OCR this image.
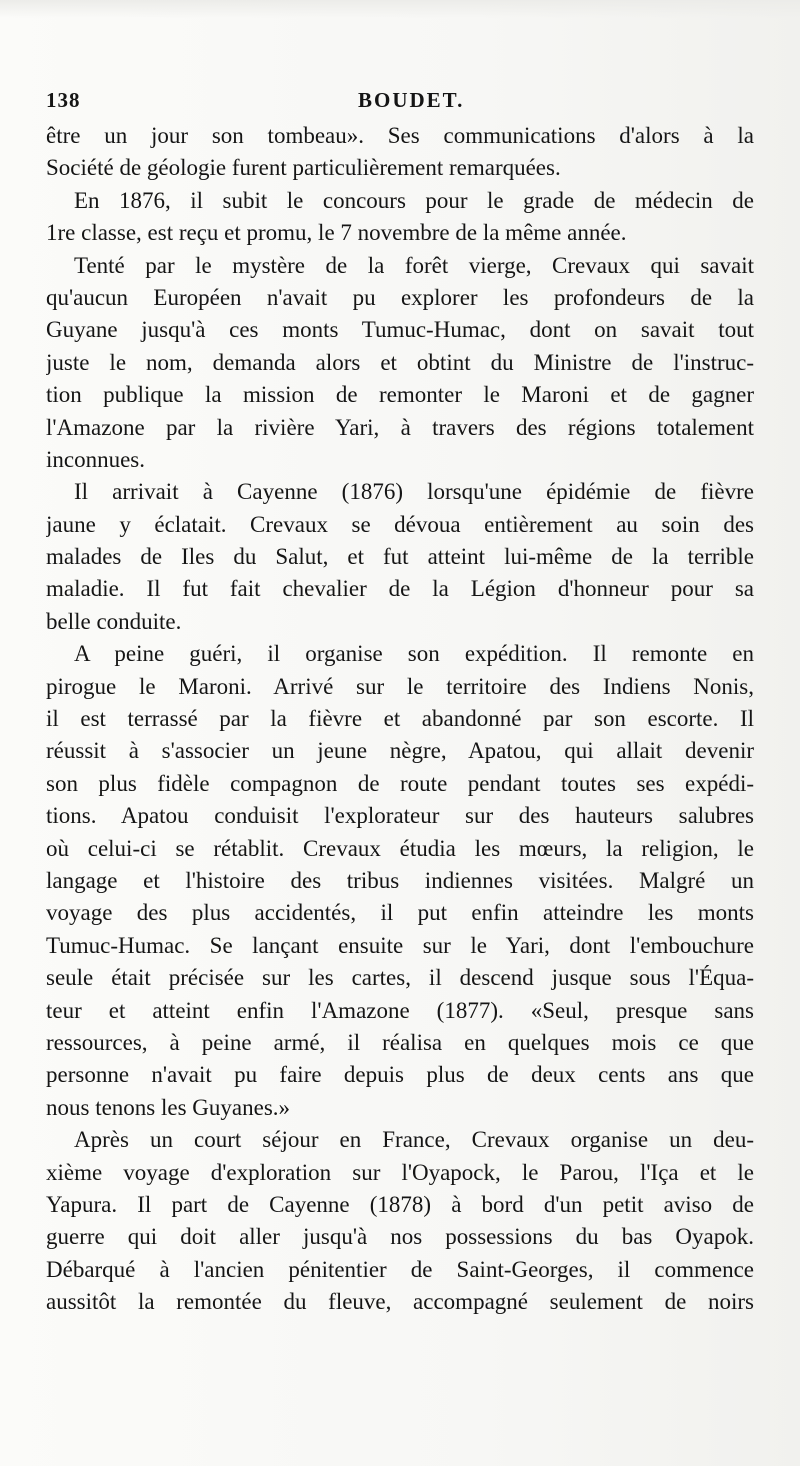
138	BOUDET.
être un jour son tombeau». Ses communications d'alors à la
Société de géologie furent particulièrement remarquées.
En 1876, il subit le concours pour le grade de médecin de
1re classe, est reçu et promu, le 7 novembre de la même année.
Tenté par le mystère de la forêt vierge, Crevaux qui savait
qu'aucun Européen n'avait pu explorer les profondeurs de la
Guyane jusqu'à ces monts Tumuc-Humac, dont on savait tout
juste le nom, demanda alors et obtint du Ministre de l'instruc-
tion publique la mission de remonter le Maroni et de gagner
l'Amazone par la rivière Yari, à travers des régions totalement
inconnues.
Il arrivait à Cayenne (1876) lorsqu'une épidémie de fièvre
jaune y éclatait. Crevaux se dévoua entièrement au soin des
malades de Iles du Salut, et fut atteint lui-même de la terrible
maladie. Il fut fait chevalier de la Légion d'honneur pour sa
belle conduite.
A peine guéri, il organise son expédition. Il remonte en
pirogue le Maroni. Arrivé sur le territoire des Indiens Nonis,
il est terrassé par la fièvre et abandonné par son escorte. Il
réussit à s'associer un jeune nègre, Apatou, qui allait devenir
son plus fidèle compagnon de route pendant toutes ses expédi-
tions. Apatou conduisit l'explorateur sur des hauteurs salubres
où celui-ci se rétablit. Crevaux étudia les mœurs, la religion, le
langage et l'histoire des tribus indiennes visitées. Malgré un
voyage des plus accidentés, il put enfin atteindre les monts
Tumuc-Humac. Se lançant ensuite sur le Yari, dont l'embouchure
seule était précisée sur les cartes, il descend jusque sous l'Équa-
teur et atteint enfin l'Amazone (1877). «Seul, presque sans
ressources, à peine armé, il réalisa en quelques mois ce que
personne n'avait pu faire depuis plus de deux cents ans que
nous tenons les Guyanes.»
Après un court séjour en France, Crevaux organise un deu-
xième voyage d'exploration sur l'Oyapock, le Parou, l'Iça et le
Yapura. Il part de Cayenne (1878) à bord d'un petit aviso de
guerre qui doit aller jusqu'à nos possessions du bas Oyapok.
Débarqué à l'ancien pénitentier de Saint-Georges, il commence
aussitôt la remontée du fleuve, accompagné seulement de noirs
